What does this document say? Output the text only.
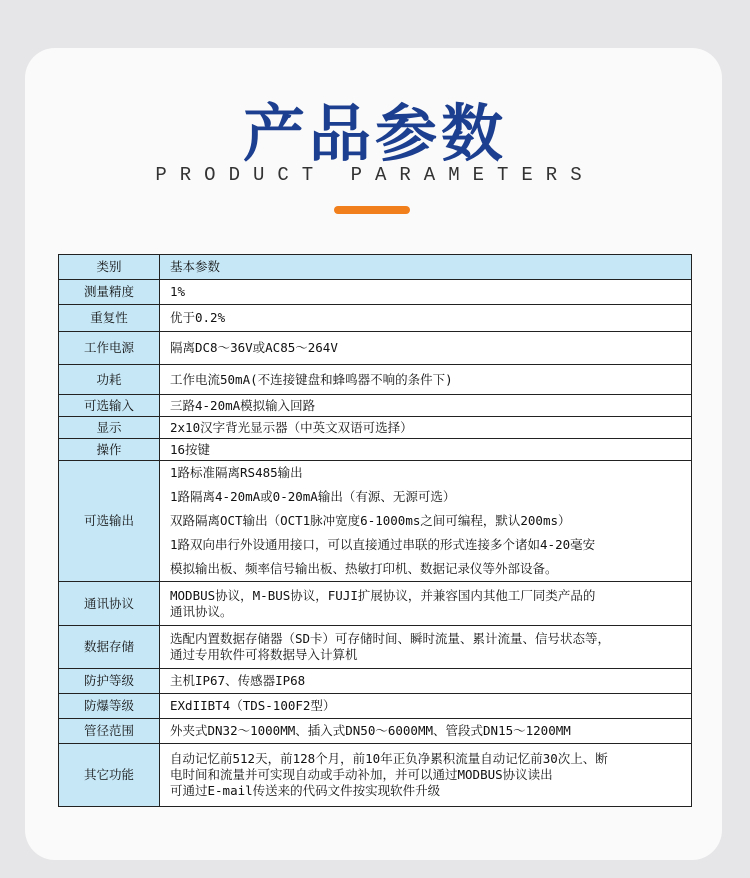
产品参数
PRODUCT PARAMETERS
类别	基本参数
测量精度	1%

重复性	优于0.2%

工作电源	隔离DC8～36V或AC85～264V

功耗	工作电流50mA(不连接键盘和蜂鸣器不响的条件下)

可选输入	三路4-20mA模拟输入回路

显示	2x10汉字背光显示器（中英文双语可选择）

操作	16按键

可选输出	1路标准隔离RS485输出
1路隔离4-20mA或0-20mA输出（有源、无源可选）
双路隔离OCT输出（OCT1脉冲宽度6-1000ms之间可编程，默认200ms）
1路双向串行外设通用接口，可以直接通过串联的形式连接多个诸如4-20毫安
模拟输出板、频率信号输出板、热敏打印机、数据记录仪等外部设备。

通讯协议	MODBUS协议，M-BUS协议，FUJI扩展协议，并兼容国内其他工厂同类产品的
通讯协议。

数据存储	选配内置数据存储器（SD卡）可存储时间、瞬时流量、累计流量、信号状态等，
通过专用软件可将数据导入计算机

防护等级	主机IP67、传感器IP68

防爆等级	EXdIIBT4（TDS-100F2型）

管径范围	外夹式DN32～1000MM、插入式DN50～6000MM、管段式DN15～1200MM

其它功能	自动记忆前512天，前128个月，前10年正负净累积流量自动记忆前30次上、断
电时间和流量并可实现自动或手动补加，并可以通过MODBUS协议读出
可通过E-mail传送来的代码文件按实现软件升级
